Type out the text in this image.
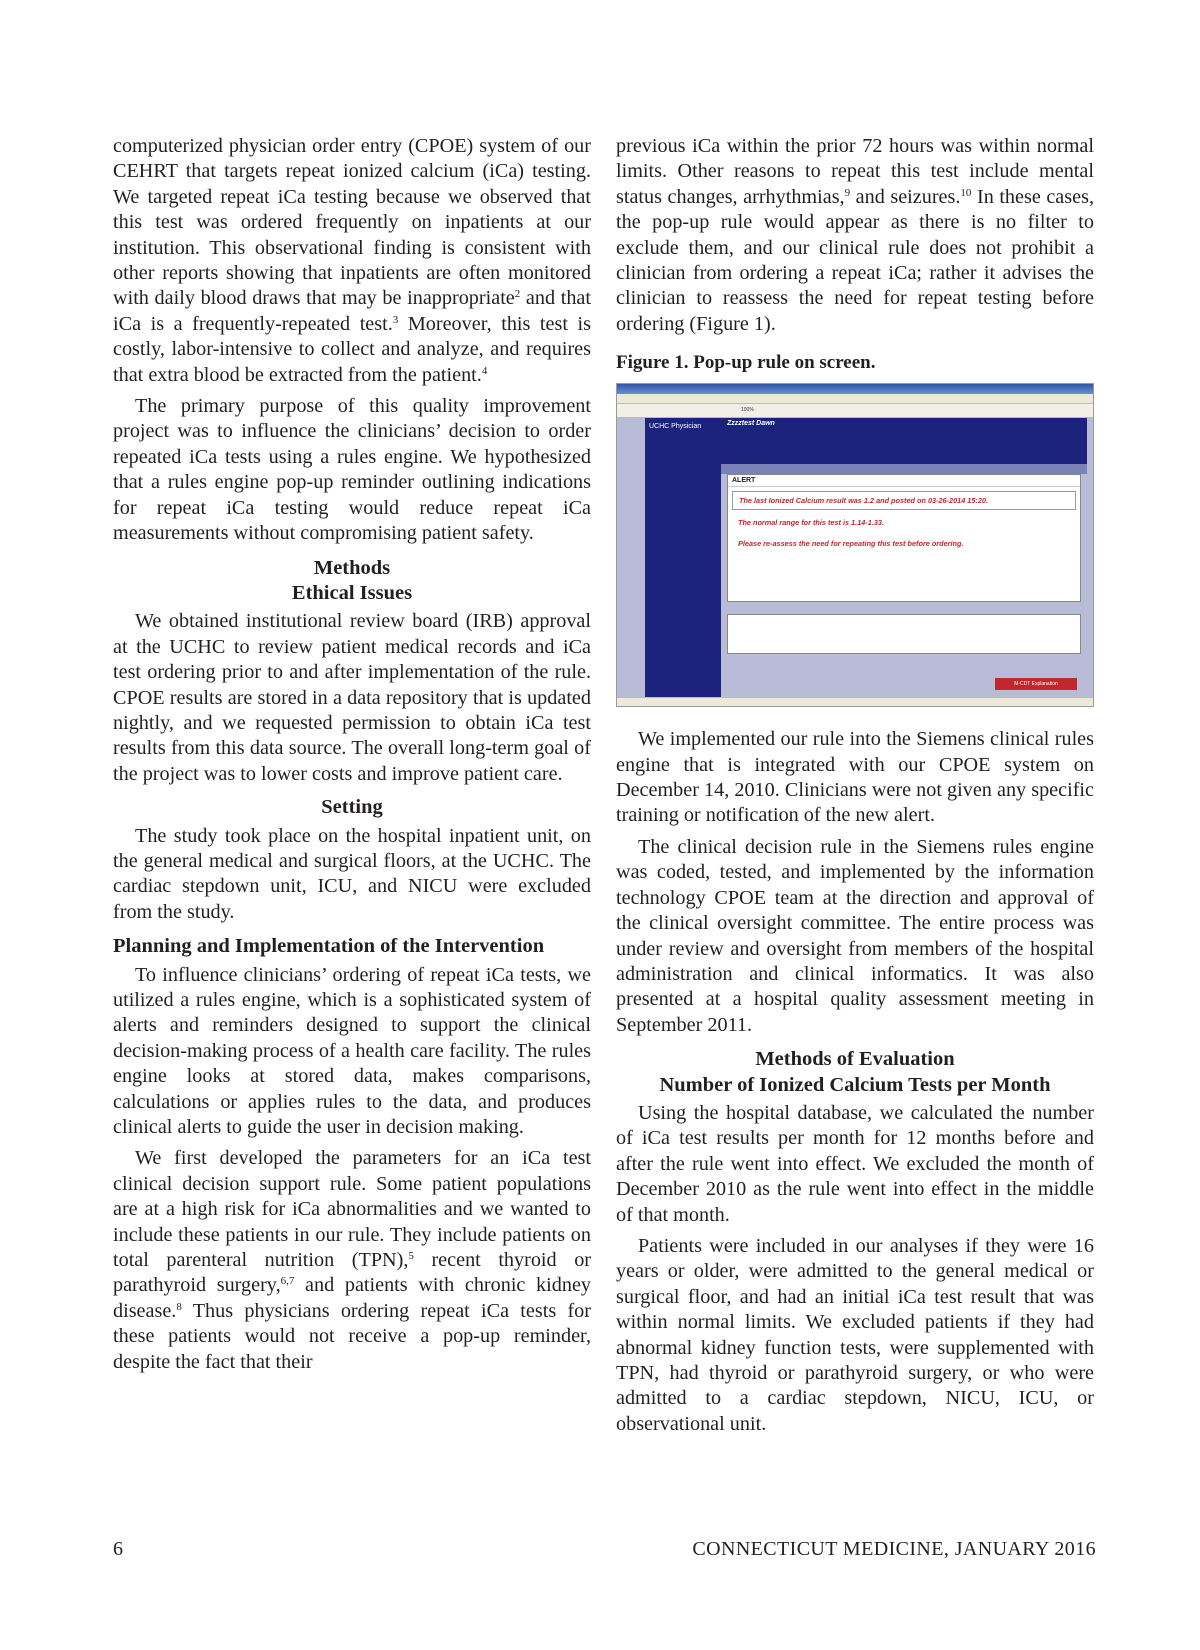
computerized physician order entry (CPOE) system of our CEHRT that targets repeat ionized calcium (iCa) testing. We targeted repeat iCa testing because we observed that this test was ordered frequently on inpatients at our institution. This observational finding is consistent with other reports showing that inpatients are often monitored with daily blood draws that may be inappropriate$^2$ and that iCa is a frequently-repeated test.$^3$ Moreover, this test is costly, labor-intensive to collect and analyze, and requires that extra blood be extracted from the patient.$^4$

The primary purpose of this quality improvement project was to influence the clinicians’ decision to order repeated iCa tests using a rules engine. We hypothesized that a rules engine pop-up reminder outlining indications for repeat iCa testing would reduce repeat iCa measurements without compromising patient safety.

Methods

Ethical Issues

We obtained institutional review board (IRB) approval at the UCHC to review patient medical records and iCa test ordering prior to and after implementation of the rule. CPOE results are stored in a data repository that is updated nightly, and we requested permission to obtain iCa test results from this data source. The overall long-term goal of the project was to lower costs and improve patient care.

Setting

The study took place on the hospital inpatient unit, on the general medical and surgical floors, at the UCHC. The cardiac stepdown unit, ICU, and NICU were excluded from the study.

Planning and Implementation of the Intervention

To influence clinicians’ ordering of repeat iCa tests, we utilized a rules engine, which is a sophisticated system of alerts and reminders designed to support the clinical decision-making process of a health care facility. The rules engine looks at stored data, makes comparisons, calculations or applies rules to the data, and produces clinical alerts to guide the user in decision making.

We first developed the parameters for an iCa test clinical decision support rule. Some patient populations are at a high risk for iCa abnormalities and we wanted to include these patients in our rule. They include patients on total parenteral nutrition (TPN),$^5$ recent thyroid or parathyroid surgery,$^{6,7}$ and patients with chronic kidney disease.$^8$ Thus physicians ordering repeat iCa tests for these patients would not receive a pop-up reminder, despite the fact that their

previous iCa within the prior 72 hours was within normal limits. Other reasons to repeat this test include mental status changes, arrhythmias,$^9$ and seizures.$^{10}$ In these cases, the pop-up rule would appear as there is no filter to exclude them, and our clinical rule does not prohibit a clinician from ordering a repeat iCa; rather it advises the clinician to reassess the need for repeat testing before ordering (Figure 1).

Figure 1. Pop-up rule on screen.

100%
UCHC Physician	Zzzztest Dawn
ALERT
The last Ionized Calcium result was 1.2 and posted on 03-26-2014 15:20.
The normal range for this test is 1.14-1.33.
Please re-assess the need for repeating this test before ordering.
M-CDT Explanation

We implemented our rule into the Siemens clinical rules engine that is integrated with our CPOE system on December 14, 2010. Clinicians were not given any specific training or notification of the new alert.

The clinical decision rule in the Siemens rules engine was coded, tested, and implemented by the information technology CPOE team at the direction and approval of the clinical oversight committee. The entire process was under review and oversight from members of the hospital administration and clinical informatics. It was also presented at a hospital quality assessment meeting in September 2011.

Methods of Evaluation

Number of Ionized Calcium Tests per Month

Using the hospital database, we calculated the number of iCa test results per month for 12 months before and after the rule went into effect. We excluded the month of December 2010 as the rule went into effect in the middle of that month.

Patients were included in our analyses if they were 16 years or older, were admitted to the general medical or surgical floor, and had an initial iCa test result that was within normal limits. We excluded patients if they had abnormal kidney function tests, were supplemented with TPN, had thyroid or parathyroid surgery, or who were admitted to a cardiac stepdown, NICU, ICU, or observational unit.

6	CONNECTICUT MEDICINE, JANUARY 2016
